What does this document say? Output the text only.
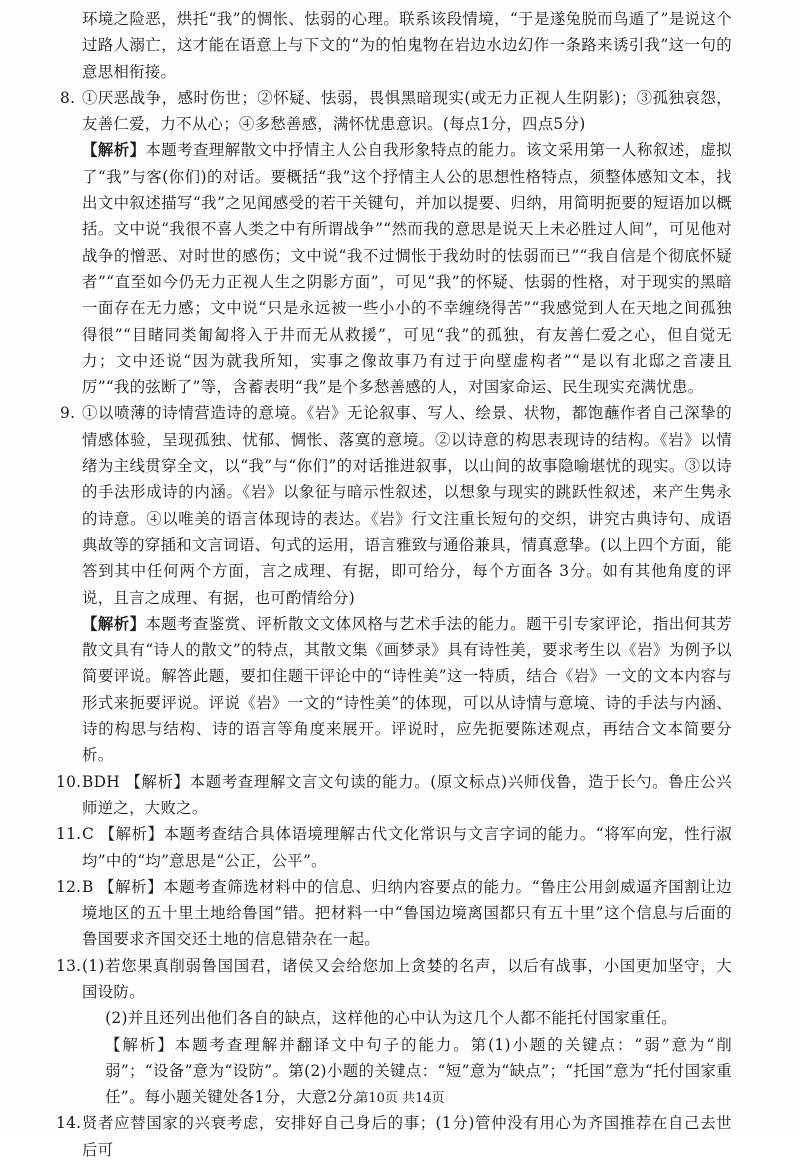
环境之险恶，烘托“我”的惆怅、怯弱的心理。联系该段情境，“于是遂兔脱而鸟遁了”是说这个过路人溺亡，这才能在语意上与下文的“为的怕鬼物在岩边水边幻作一条路来诱引我”这一句的意思相衔接。

8. ①厌恶战争，感时伤世；②怀疑、怯弱，畏惧黑暗现实(或无力正视人生阴影)；③孤独哀怨，友善仁爱，力不从心；④多愁善感，满怀忧患意识。(每点1分，四点5分)

【解析】本题考查理解散文中抒情主人公自我形象特点的能力。该文采用第一人称叙述，虚拟了“我”与客(你们)的对话。要概括“我”这个抒情主人公的思想性格特点，须整体感知文本，找出文中叙述描写“我”之见闻感受的若干关键句，并加以提要、归纳，用简明扼要的短语加以概括。文中说“我很不喜人类之中有所谓战争”“然而我的意思是说天上未必胜过人间”，可见他对战争的憎恶、对时世的感伤；文中说“我不过惆怅于我幼时的怯弱而已”“我自信是个彻底怀疑者”“直至如今仍无力正视人生之阴影方面”，可见“我”的怀疑、怯弱的性格，对于现实的黑暗一面存在无力感；文中说“只是永远被一些小小的不幸缠绕得苦”“我感觉到人在天地之间孤独得很”“目睹同类匍匐将入于井而无从救援”，可见“我”的孤独，有友善仁爱之心，但自觉无力；文中还说“因为就我所知，实事之像故事乃有过于向壁虚构者”“是以有北邸之音凄且厉”“我的弦断了”等，含蓄表明“我”是个多愁善感的人，对国家命运、民生现实充满忧患。

9. ①以喷薄的诗情营造诗的意境。《岩》无论叙事、写人、绘景、状物，都饱蘸作者自己深挚的情感体验，呈现孤独、忧郁、惆怅、落寞的意境。②以诗意的构思表现诗的结构。《岩》以情绪为主线贯穿全文，以“我”与“你们”的对话推进叙事，以山间的故事隐喻堪忧的现实。③以诗的手法形成诗的内涵。《岩》以象征与暗示性叙述，以想象与现实的跳跃性叙述，来产生隽永的诗意。④以唯美的语言体现诗的表达。《岩》行文注重长短句的交织，讲究古典诗句、成语典故等的穿插和文言词语、句式的运用，语言雅致与通俗兼具，情真意挚。(以上四个方面，能答到其中任何两个方面，言之成理、有据，即可给分，每个方面各 3分。如有其他角度的评说，且言之成理、有据，也可酌情给分)

【解析】本题考查鉴赏、评析散文文体风格与艺术手法的能力。题干引专家评论，指出何其芳散文具有“诗人的散文”的特点，其散文集《画梦录》具有诗性美，要求考生以《岩》为例予以简要评说。解答此题，要扣住题干评论中的“诗性美”这一特质，结合《岩》一文的文本内容与形式来扼要评说。评说《岩》一文的“诗性美”的体现，可以从诗情与意境、诗的手法与内涵、诗的构思与结构、诗的语言等角度来展开。评说时，应先扼要陈述观点，再结合文本简要分析。

10. BDH 【解析】本题考查理解文言文句读的能力。(原文标点)兴师伐鲁，造于长勺。鲁庄公兴师逆之，大败之。
11. C 【解析】本题考查结合具体语境理解古代文化常识与文言字词的能力。“将军向宠，性行淑均”中的“均”意思是“公正，公平”。
12. B 【解析】本题考查筛选材料中的信息、归纳内容要点的能力。“鲁庄公用剑威逼齐国割让边境地区的五十里土地给鲁国”错。把材料一中“鲁国边境离国都只有五十里”这个信息与后面的鲁国要求齐国交还土地的信息错杂在一起。
13. (1)若您果真削弱鲁国国君，诸侯又会给您加上贪婪的名声，以后有战事，小国更加坚守，大国设防。

(2)并且还列出他们各自的缺点，这样他的心中认为这几个人都不能托付国家重任。

【解析】本题考查理解并翻译文中句子的能力。第(1)小题的关键点：“弱”意为“削弱”；“设备”意为“设防”。第(2)小题的关键点：“短”意为“缺点”；“托国”意为“托付国家重任”。每小题关键处各1分，大意2分。

14. 贤者应替国家的兴衰考虑，安排好自己身后的事；(1分)管仲没有用心为齐国推荐在自己去世后可
第10页 共14页
